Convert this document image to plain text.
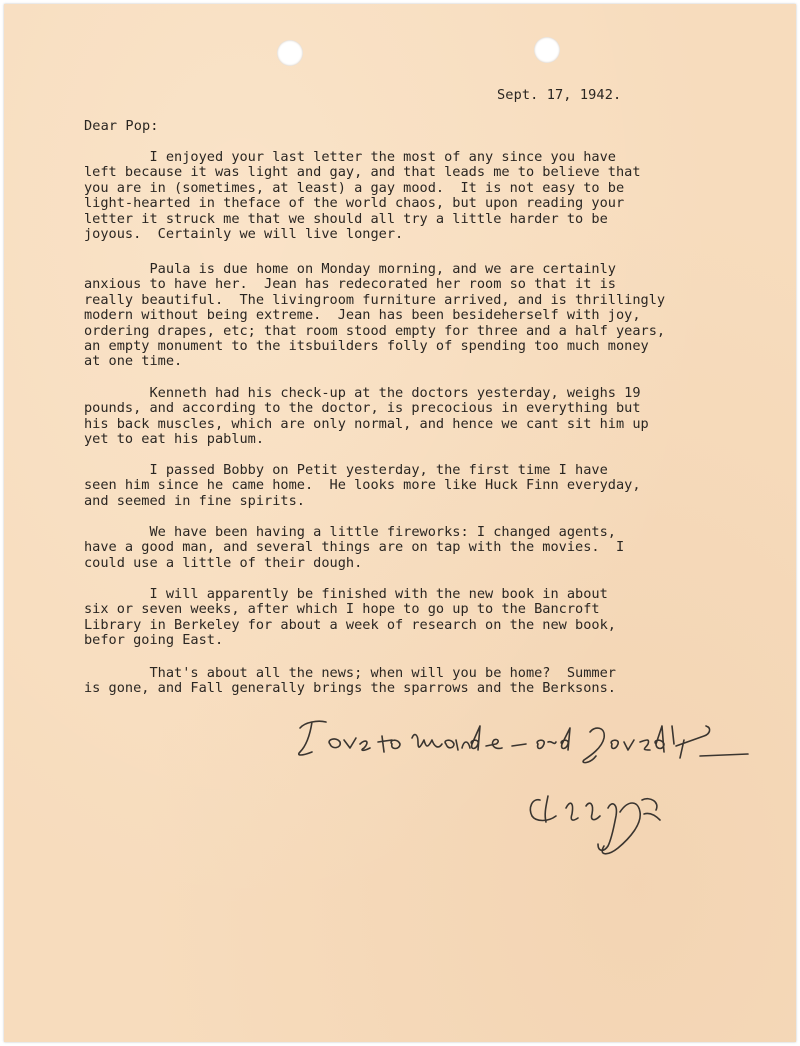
Sept. 17, 1942.

Dear Pop:

I enjoyed your last letter the most of any since you have
left because it was light and gay, and that leads me to believe that
you are in (sometimes, at least) a gay mood.  It is not easy to be
light-hearted in theface of the world chaos, but upon reading your
letter it struck me that we should all try a little harder to be
joyous.  Certainly we will live longer.
Paula is due home on Monday morning, and we are certainly
anxious to have her.  Jean has redecorated her room so that it is
really beautiful.  The livingroom furniture arrived, and is thrillingly
modern without being extreme.  Jean has been besideherself with joy,
ordering drapes, etc; that room stood empty for three and a half years,
an empty monument to the itsbuilders folly of spending too much money
at one time.
Kenneth had his check-up at the doctors yesterday, weighs 19
pounds, and according to the doctor, is precocious in everything but
his back muscles, which are only normal, and hence we cant sit him up
yet to eat his pablum.
I passed Bobby on Petit yesterday, the first time I have
seen him since he came home.  He looks more like Huck Finn everyday,
and seemed in fine spirits.
We have been having a little fireworks: I changed agents,
have a good man, and several things are on tap with the movies.  I
could use a little of their dough.
I will apparently be finished with the new book in about
six or seven weeks, after which I hope to go up to the Bancroft
Library in Berkeley for about a week of research on the new book,
befor going East.
That's about all the news; when will you be home?  Summer
is gone, and Fall generally brings the sparrows and the Berksons.
